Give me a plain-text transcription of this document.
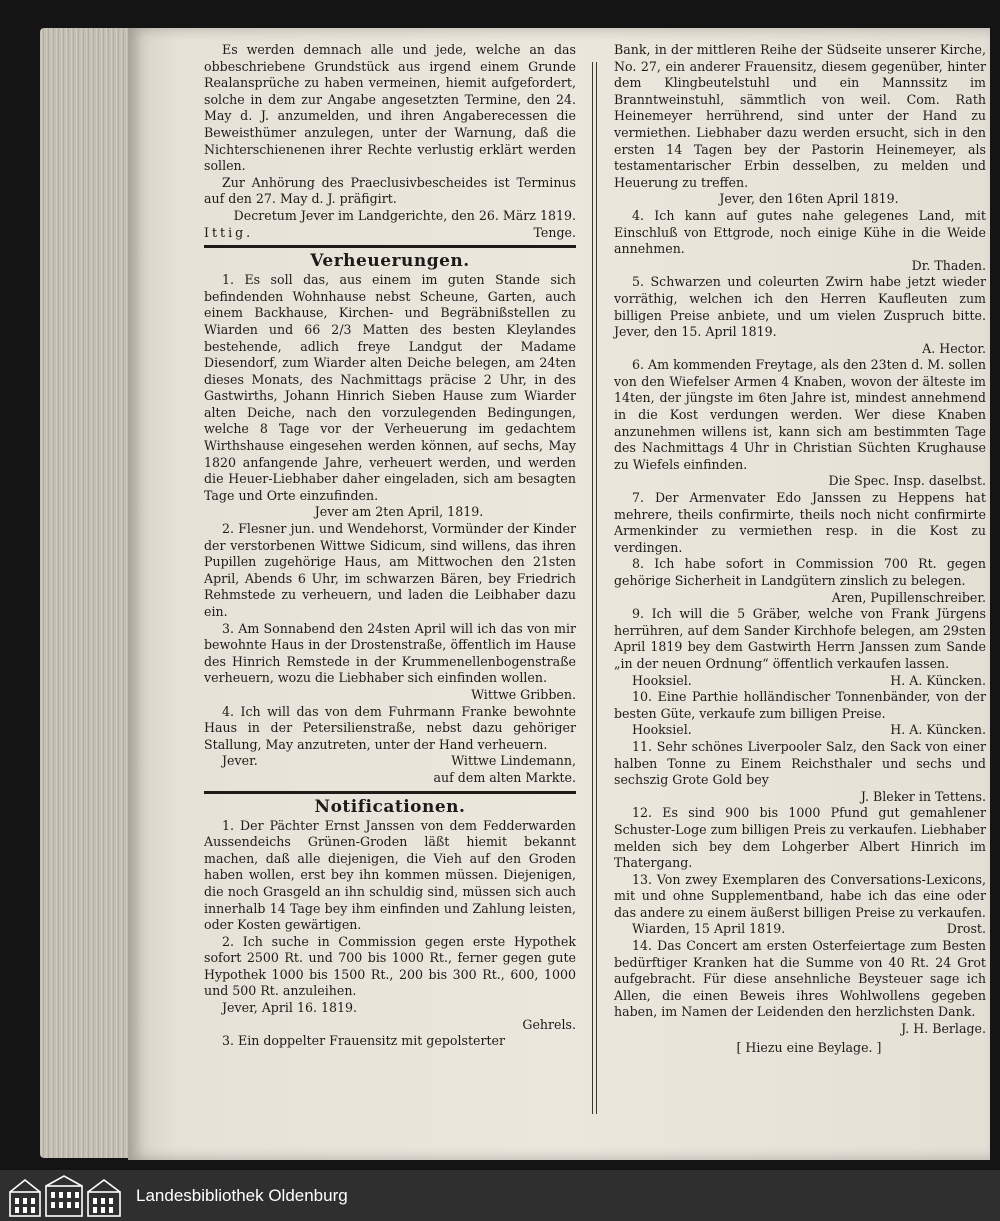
Es werden demnach alle und jede, welche an das obbeschriebene Grundstück aus irgend einem Grunde Realansprüche zu haben vermeinen, hiemit aufgefordert, solche in dem zur Angabe angesetzten Termine, den 24. May d. J. anzumelden, und ihren Angaberecessen die Beweisthümer anzulegen, unter der Warnung, daß die Nichterschienenen ihrer Rechte verlustig erklärt werden sollen.

Zur Anhörung des Praeclusivbescheides ist Terminus auf den 27. May d. J. präfigirt.

Decretum Jever im Landgerichte, den 26. März 1819.

Ittig.	Tenge.
Verheuerungen.

1. Es soll das, aus einem im guten Stande sich befindenden Wohnhause nebst Scheune, Garten, auch einem Backhause, Kirchen- und Begräbnißstellen zu Wiarden und 66 2/3 Matten des besten Kleylandes bestehende, adlich freye Landgut der Madame Diesendorf, zum Wiarder alten Deiche belegen, am 24ten dieses Monats, des Nachmittags präcise 2 Uhr, in des Gastwirths, Johann Hinrich Sieben Hause zum Wiarder alten Deiche, nach den vorzulegenden Bedingungen, welche 8 Tage vor der Verheuerung im gedachtem Wirthshause eingesehen werden können, auf sechs, May 1820 anfangende Jahre, verheuert werden, und werden die Heuer-Liebhaber daher eingeladen, sich am besagten Tage und Orte einzufinden.

Jever am 2ten April, 1819.

2. Flesner jun. und Wendehorst, Vormünder der Kinder der verstorbenen Wittwe Sidicum, sind willens, das ihren Pupillen zugehörige Haus, am Mittwochen den 21sten April, Abends 6 Uhr, im schwarzen Bären, bey Friedrich Rehmstede zu verheuern, und laden die Leibhaber dazu ein.

3. Am Sonnabend den 24sten April will ich das von mir bewohnte Haus in der Drostenstraße, öffentlich im Hause des Hinrich Remstede in der Krummenellenbogenstraße verheuern, wozu die Liebhaber sich einfinden wollen.

Wittwe Gribben.

4. Ich will das von dem Fuhrmann Franke bewohnte Haus in der Petersilienstraße, nebst dazu gehöriger Stallung, May anzutreten, unter der Hand verheuern.

Jever.	Wittwe Lindemann,

auf dem alten Markte.

Notificationen.

1. Der Pächter Ernst Janssen von dem Fedderwarden Aussendeichs Grünen-Groden läßt hiemit bekannt machen, daß alle diejenigen, die Vieh auf den Groden haben wollen, erst bey ihn kommen müssen. Diejenigen, die noch Grasgeld an ihn schuldig sind, müssen sich auch innerhalb 14 Tage bey ihm einfinden und Zahlung leisten, oder Kosten gewärtigen.

2. Ich suche in Commission gegen erste Hypothek sofort 2500 Rt. und 700 bis 1000 Rt., ferner gegen gute Hypothek 1000 bis 1500 Rt., 200 bis 300 Rt., 600, 1000 und 500 Rt. anzuleihen.

Jever, April 16. 1819.

Gehrels.

3. Ein doppelter Frauensitz mit gepolsterter

Bank, in der mittleren Reihe der Südseite unserer Kirche, No. 27, ein anderer Frauensitz, diesem gegenüber, hinter dem Klingbeutelstuhl und ein Mannssitz im Branntweinstuhl, sämmtlich von weil. Com. Rath Heinemeyer herrührend, sind unter der Hand zu vermiethen. Liebhaber dazu werden ersucht, sich in den ersten 14 Tagen bey der Pastorin Heinemeyer, als testamentarischer Erbin desselben, zu melden und Heuerung zu treffen.

Jever, den 16ten April 1819.

4. Ich kann auf gutes nahe gelegenes Land, mit Einschluß von Ettgrode, noch einige Kühe in die Weide annehmen.

Dr. Thaden.

5. Schwarzen und coleurten Zwirn habe jetzt wieder vorräthig, welchen ich den Herren Kaufleuten zum billigen Preise anbiete, und um vielen Zuspruch bitte. Jever, den 15. April 1819.

A. Hector.

6. Am kommenden Freytage, als den 23ten d. M. sollen von den Wiefelser Armen 4 Knaben, wovon der älteste im 14ten, der jüngste im 6ten Jahre ist, mindest annehmend in die Kost verdungen werden. Wer diese Knaben anzunehmen willens ist, kann sich am bestimmten Tage des Nachmittags 4 Uhr in Christian Süchten Krughause zu Wiefels einfinden.

Die Spec. Insp. daselbst.

7. Der Armenvater Edo Janssen zu Heppens hat mehrere, theils confirmirte, theils noch nicht confirmirte Armenkinder zu vermiethen resp. in die Kost zu verdingen.

8. Ich habe sofort in Commission 700 Rt. gegen gehörige Sicherheit in Landgütern zinslich zu belegen.

Aren, Pupillenschreiber.

9. Ich will die 5 Gräber, welche von Frank Jürgens herrühren, auf dem Sander Kirchhofe belegen, am 29sten April 1819 bey dem Gastwirth Herrn Janssen zum Sande „in der neuen Ordnung“ öffentlich verkaufen lassen.

Hooksiel.	H. A. Küncken.

10. Eine Parthie holländischer Tonnenbänder, von der besten Güte, verkaufe zum billigen Preise.

Hooksiel.	H. A. Küncken.

11. Sehr schönes Liverpooler Salz, den Sack von einer halben Tonne zu Einem Reichsthaler und sechs und sechszig Grote Gold bey

J. Bleker in Tettens.

12. Es sind 900 bis 1000 Pfund gut gemahlener Schuster-Loge zum billigen Preis zu verkaufen. Liebhaber melden sich bey dem Lohgerber Albert Hinrich im Thatergang.

13. Von zwey Exemplaren des Conversations-Lexicons, mit und ohne Supplementband, habe ich das eine oder das andere zu einem äußerst billigen Preise zu verkaufen.

Wiarden, 15 April 1819.	Drost.

14. Das Concert am ersten Osterfeiertage zum Besten bedürftiger Kranken hat die Summe von 40 Rt. 24 Grot aufgebracht. Für diese ansehnliche Beysteuer sage ich Allen, die einen Beweis ihres Wohlwollens gegeben haben, im Namen der Leidenden den herzlichsten Dank.

J. H. Berlage.

[ Hiezu eine Beylage. ]

Landesbibliothek Oldenburg
